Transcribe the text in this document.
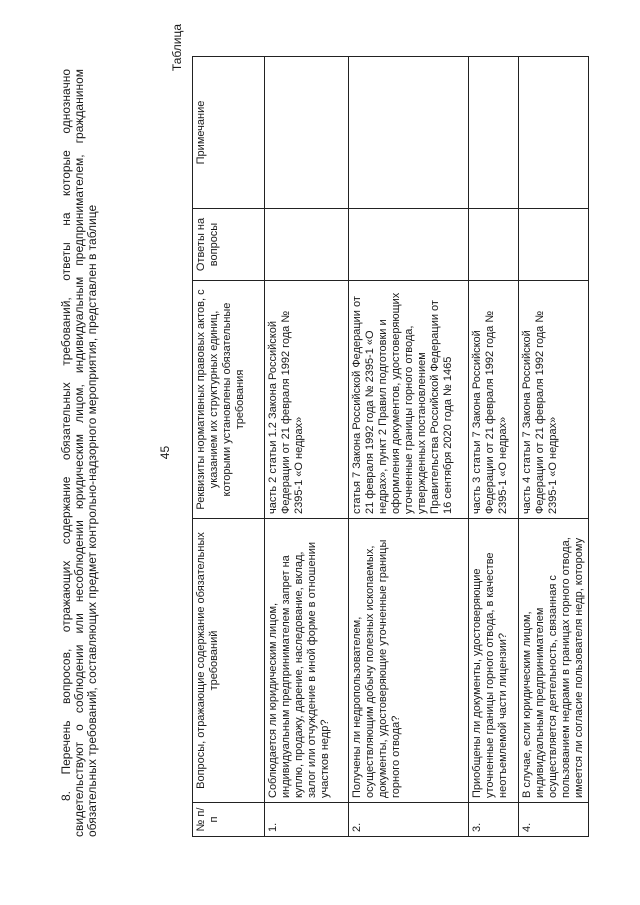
45
8. Перечень вопросов, отражающих содержание обязательных требований, ответы на которые однозначно свидетельствуют о соблюдении или несоблюдении юридическим лицом, индивидуальным предпринимателем, гражданином обязательных требований, составляющих предмет контрольно-надзорного мероприятия, представлен в таблице
Таблица
№ п/п	Вопросы, отражающие содержание обязательных требований	Реквизиты нормативных правовых актов, с указанием их структурных единиц, которыми установлены обязательные требования	Ответы на вопросы	Примечание
1.	Соблюдается ли юридическим лицом, индивидуальным предпринимателем запрет на куплю, продажу, дарение, наследование, вклад, залог или отчуждение в иной форме в отношении участков недр?	часть 2 статьи 1.2 Закона Российской Федерации от 21 февраля 1992 года № 2395-1 «О недрах»		
2.	Получены ли недропользователем, осуществляющим добычу полезных ископаемых, документы, удостоверяющие уточненные границы горного отвода?	статья 7 Закона Российской Федерации от 21 февраля 1992 года № 2395-1 «О недрах», пункт 2 Правил подготовки и оформления документов, удостоверяющих уточненные границы горного отвода, утвержденных постановлением Правительства Российской Федерации от 16 сентября 2020 года № 1465		
3.	Приобщены ли документы, удостоверяющие уточненные границы горного отвода, в качестве неотъемлемой части лицензии?	часть 3 статьи 7 Закона Российской Федерации от 21 февраля 1992 года № 2395-1 «О недрах»		
4.	В случае, если юридическим лицом, индивидуальным предпринимателем осуществляется деятельность, связанная с пользованием недрами в границах горного отвода, имеется ли согласие пользователя недр, которому	часть 4 статьи 7 Закона Российской Федерации от 21 февраля 1992 года № 2395-1 «О недрах»		
